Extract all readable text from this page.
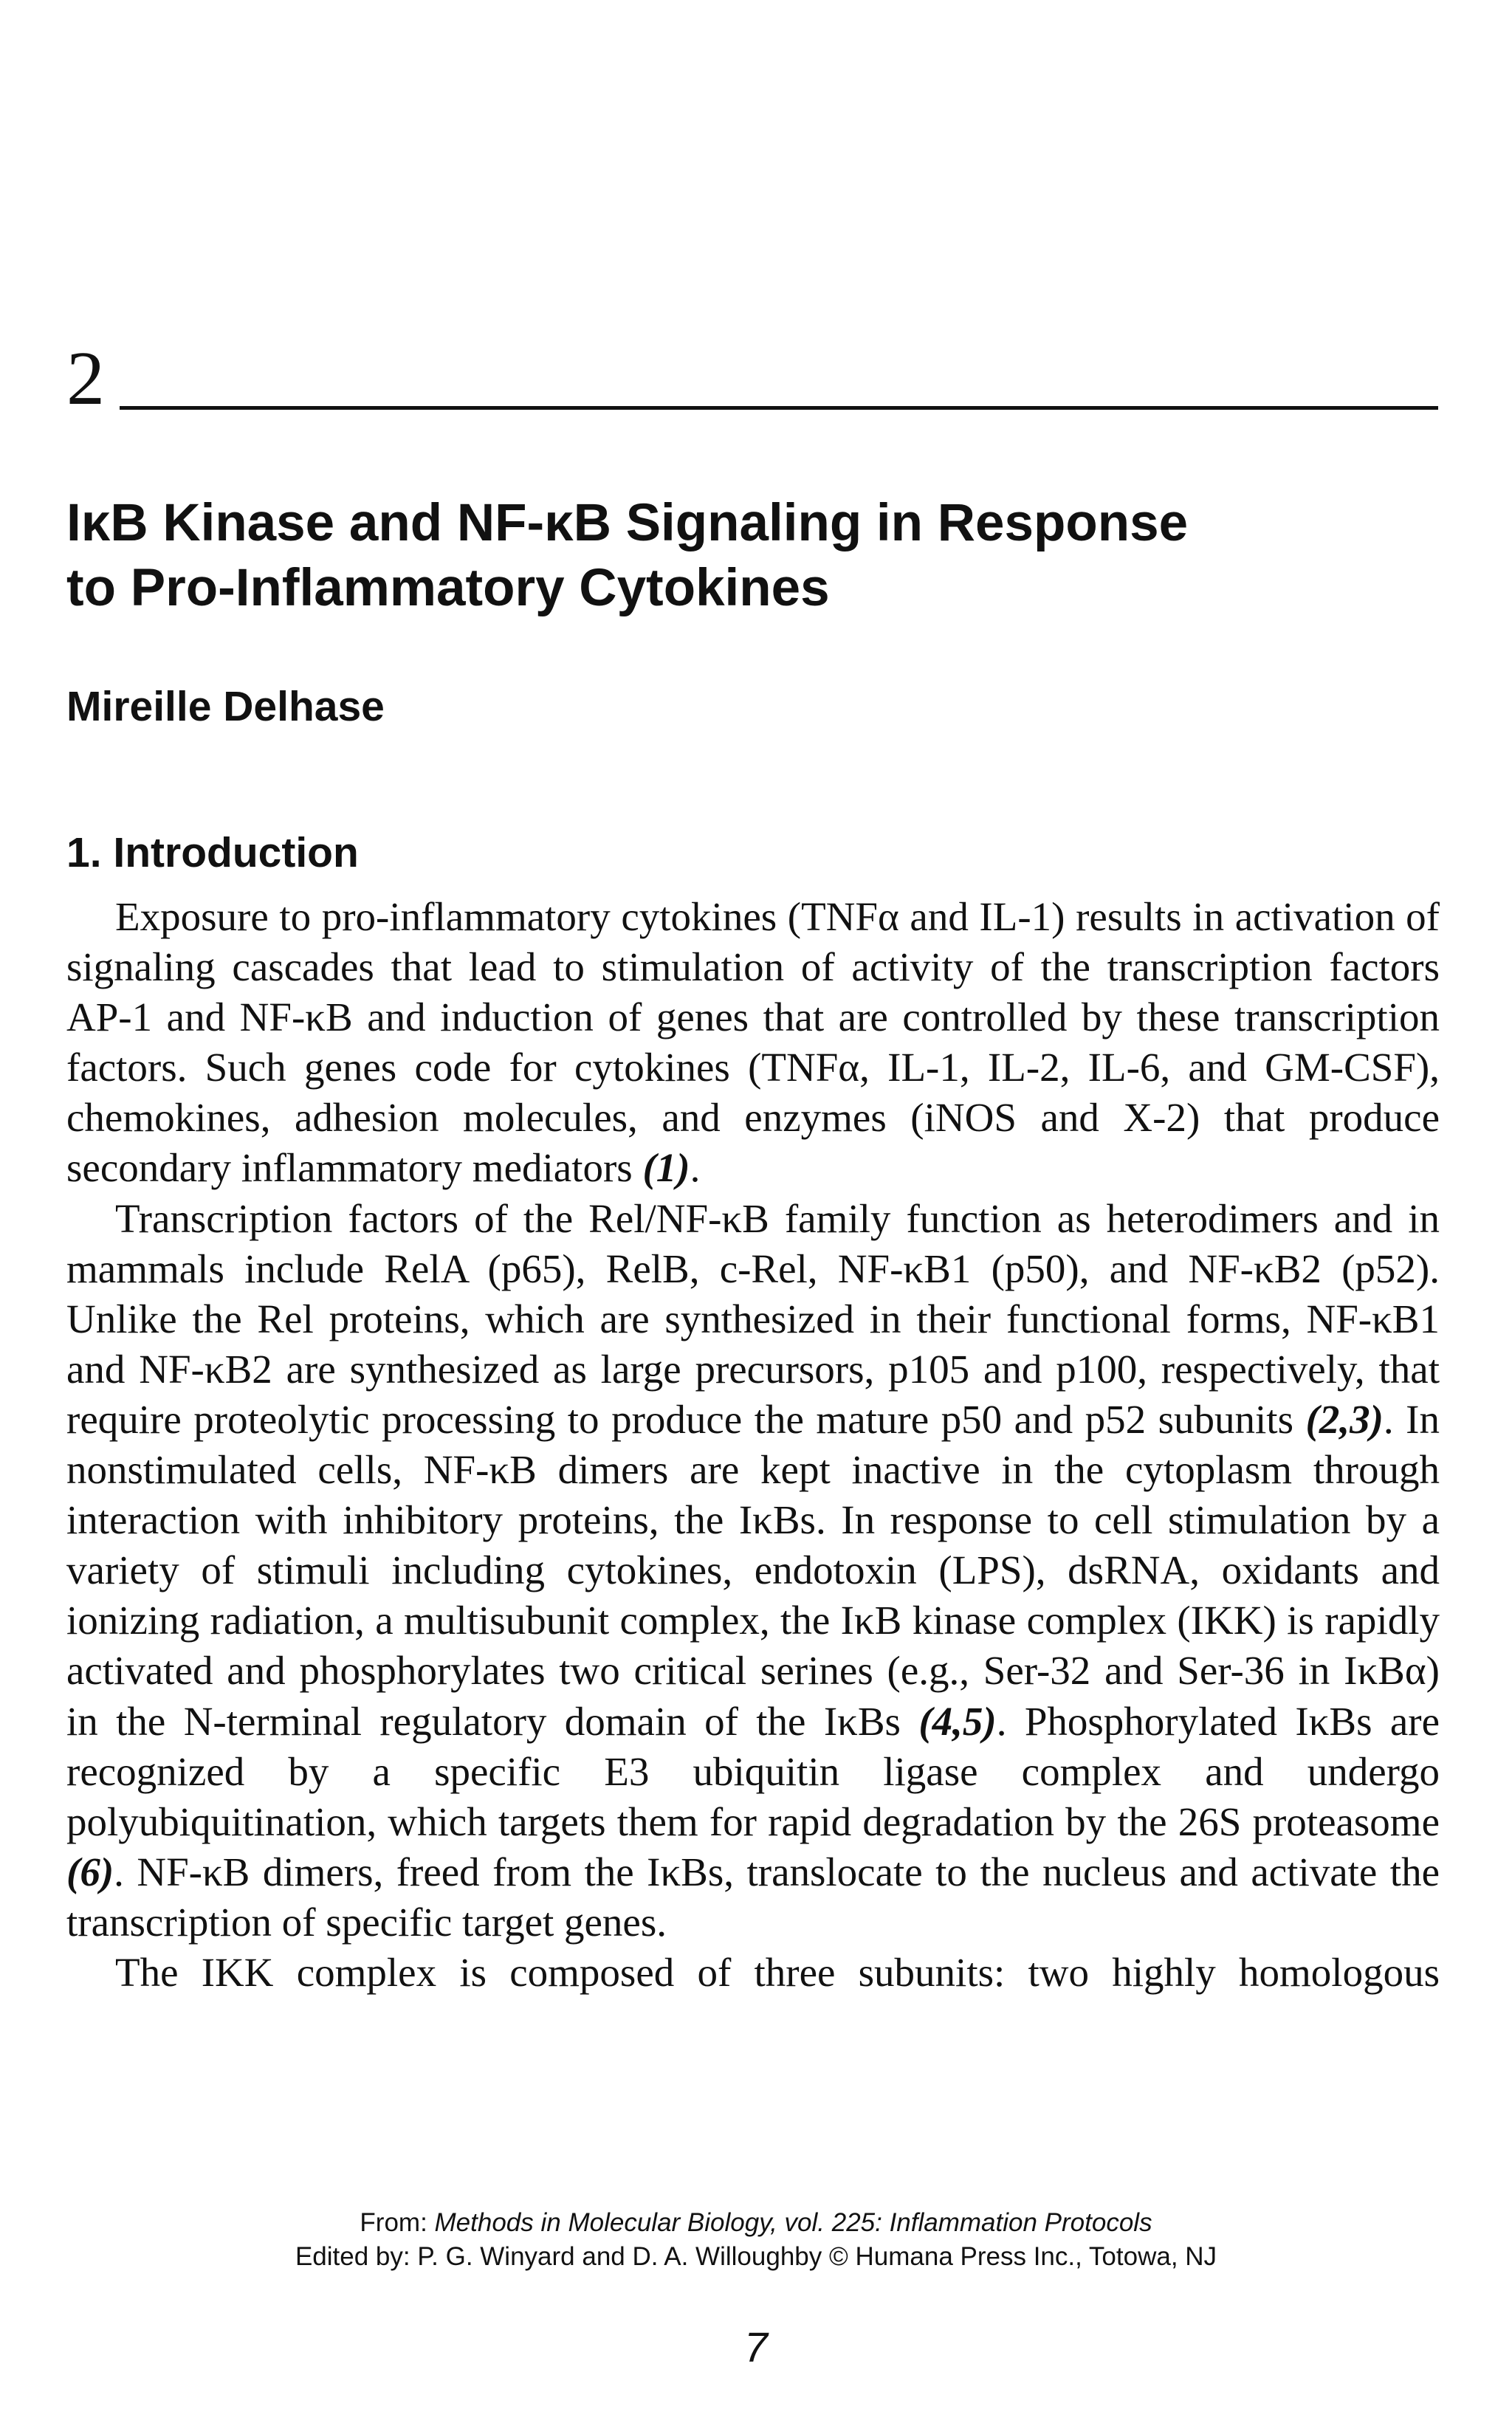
2
IκB Kinase and NF-κB Signaling in Response
to Pro-Inflammatory Cytokines
Mireille Delhase
1. Introduction

Exposure to pro-inflammatory cytokines (TNFα and IL-1) results in activation of signaling cascades that lead to stimulation of activity of the transcription factors AP-1 and NF-κB and induction of genes that are controlled by these transcription factors. Such genes code for cytokines (TNFα, IL-1, IL-2, IL-6, and GM-CSF), chemokines, adhesion molecules, and enzymes (iNOS and X-2) that produce secondary inflammatory mediators (1).

Transcription factors of the Rel/NF-κB family function as heterodimers and in mammals include RelA (p65), RelB, c-Rel, NF-κB1 (p50), and NF-κB2 (p52). Unlike the Rel proteins, which are synthesized in their functional forms, NF-κB1 and NF-κB2 are synthesized as large precursors, p105 and p100, respectively, that require proteolytic processing to produce the mature p50 and p52 subunits (2,3). In nonstimulated cells, NF-κB dimers are kept inactive in the cytoplasm through interaction with inhibitory proteins, the IκBs. In response to cell stimulation by a variety of stimuli including cytokines, endotoxin (LPS), dsRNA, oxidants and ionizing radiation, a multisubunit complex, the IκB kinase complex (IKK) is rapidly activated and phosphorylates two critical serines (e.g., Ser-32 and Ser-36 in IκBα) in the N-terminal regulatory domain of the IκBs (4,5). Phosphorylated IκBs are recognized by a specific E3 ubiquitin ligase complex and undergo polyubiquitination, which targets them for rapid degradation by the 26S proteasome (6). NF-κB dimers, freed from the IκBs, translocate to the nucleus and activate the transcription of specific target genes.

The IKK complex is composed of three subunits: two highly homologous

From: Methods in Molecular Biology, vol. 225: Inflammation Protocols
Edited by: P. G. Winyard and D. A. Willoughby © Humana Press Inc., Totowa, NJ
7
